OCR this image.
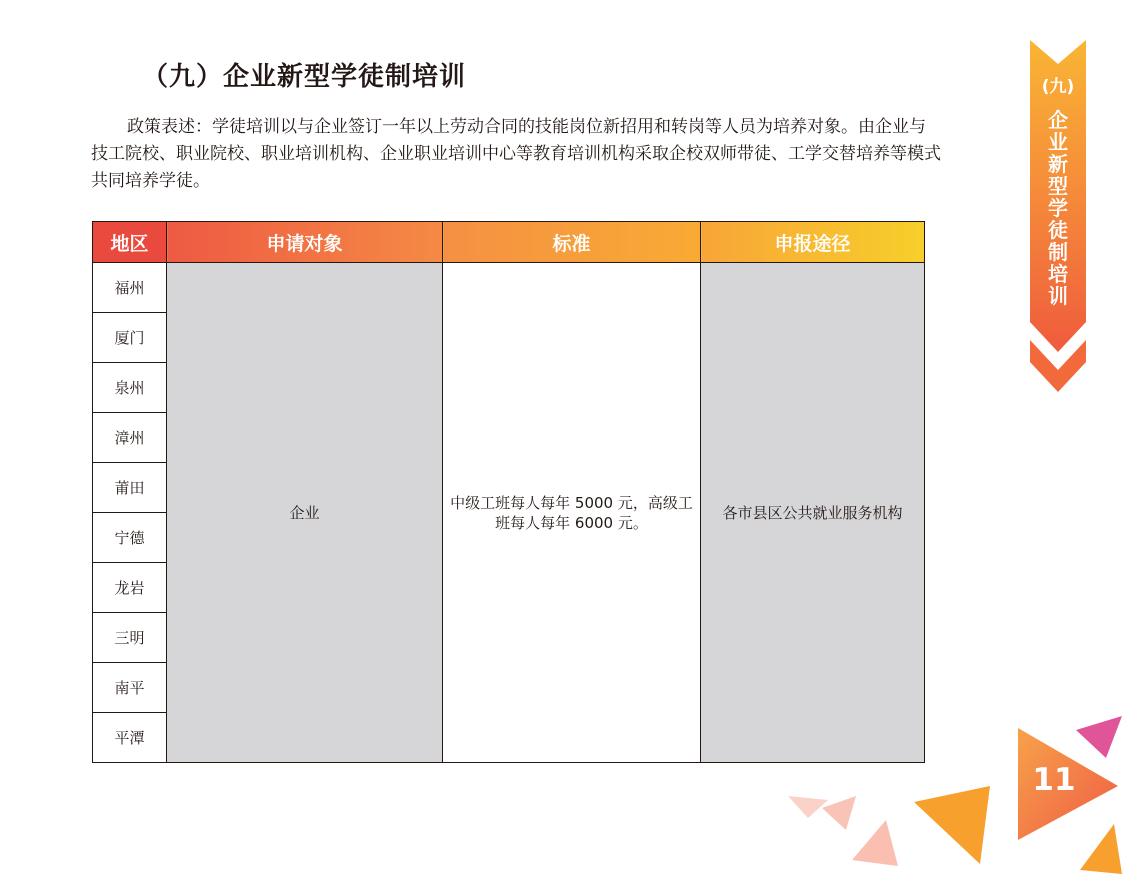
（九）企业新型学徒制培训

政策表述：学徒培训以与企业签订一年以上劳动合同的技能岗位新招用和转岗等人员为培养对象。由企业与技工院校、职业院校、职业培训机构、企业职业培训中心等教育培训机构采取企校双师带徒、工学交替培养等模式共同培养学徒。

地区	申请对象	标准	申报途径
福州	企业	中级工班每人每年 5000 元，高级工班每人每年 6000 元。	各市县区公共就业服务机构
厦门			
泉州			
漳州			
莆田			
宁德			
龙岩			
三明			
南平			
平潭			
(九)
企
业
新
型
学
徒
制
培
训
11
